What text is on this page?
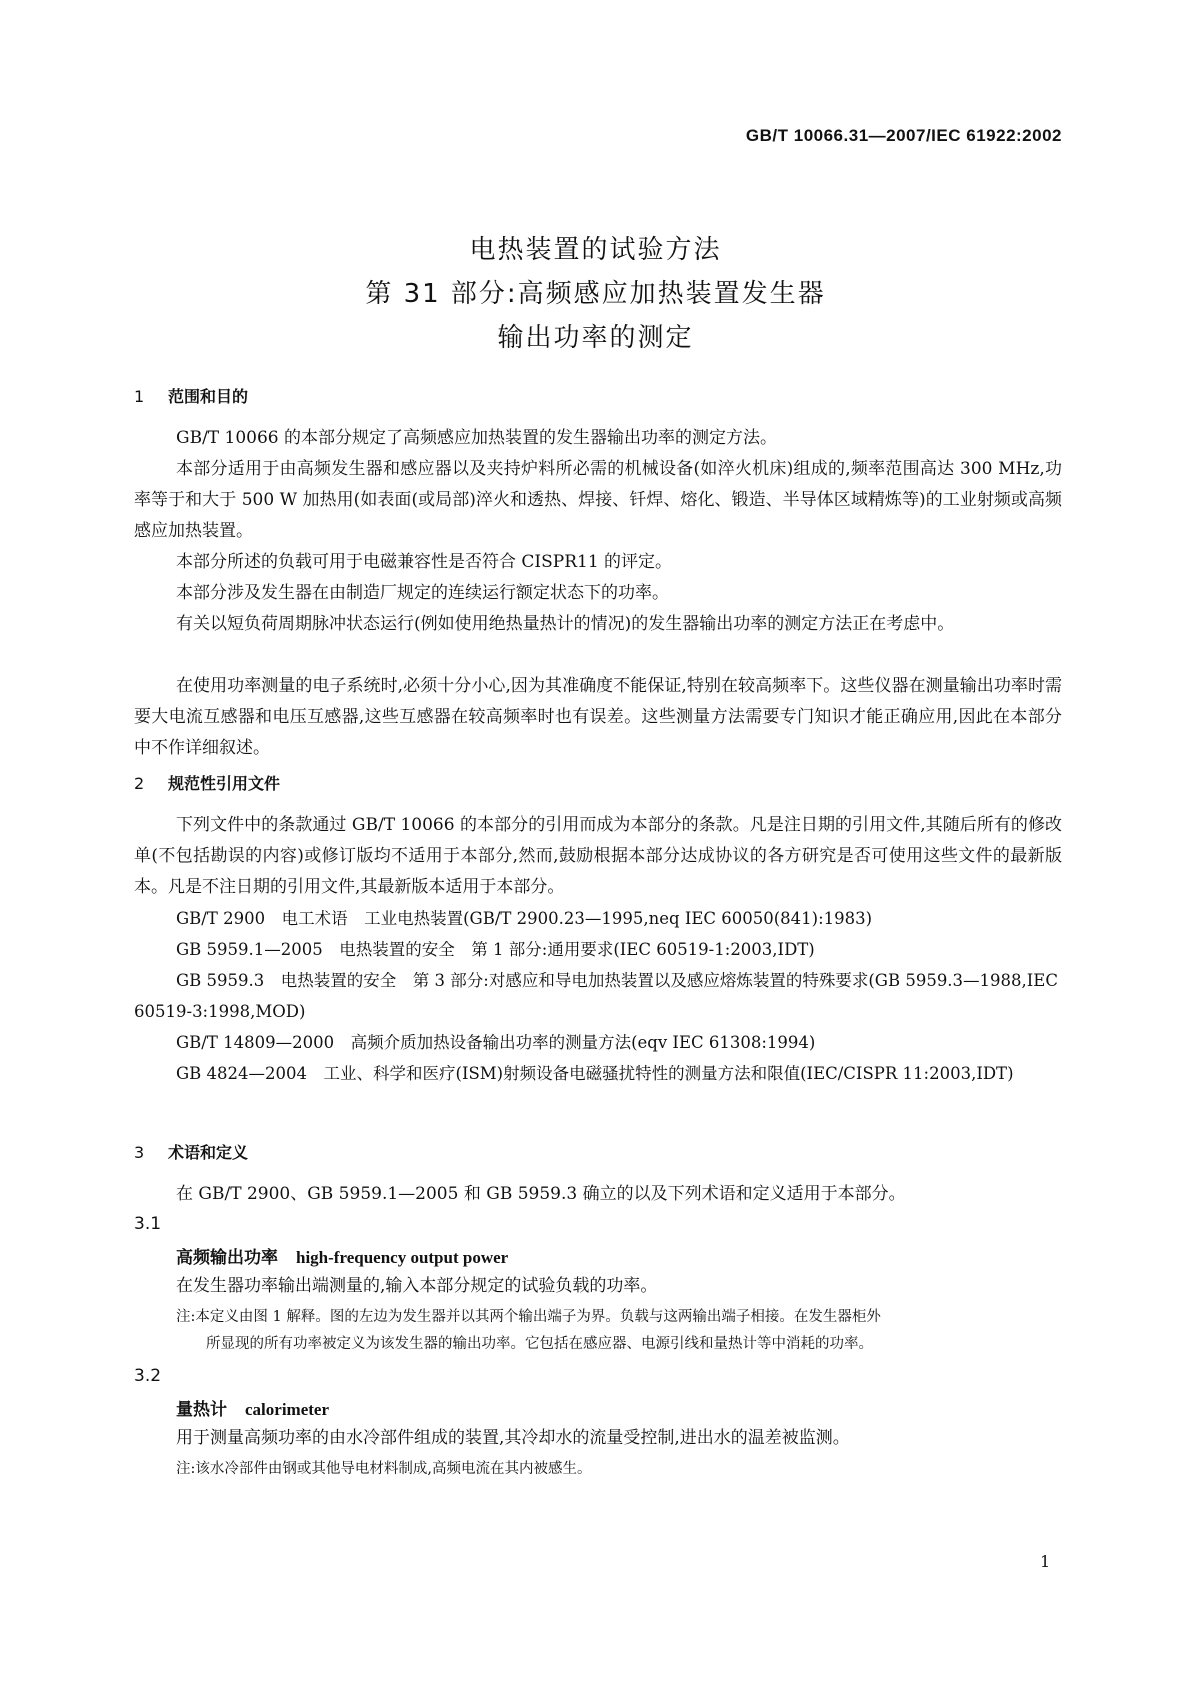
GB/T 10066.31—2007/IEC 61922:2002
电热装置的试验方法
第 31 部分:高频感应加热装置发生器
输出功率的测定
1 范围和目的
GB/T 10066 的本部分规定了高频感应加热装置的发生器输出功率的测定方法。
本部分适用于由高频发生器和感应器以及夹持炉料所必需的机械设备(如淬火机床)组成的,频率范围高达 300 MHz,功率等于和大于 500 W 加热用(如表面(或局部)淬火和透热、焊接、钎焊、熔化、锻造、半导体区域精炼等)的工业射频或高频感应加热装置。
本部分所述的负载可用于电磁兼容性是否符合 CISPR11 的评定。
本部分涉及发生器在由制造厂规定的连续运行额定状态下的功率。
有关以短负荷周期脉冲状态运行(例如使用绝热量热计的情况)的发生器输出功率的测定方法正在考虑中。
在使用功率测量的电子系统时,必须十分小心,因为其准确度不能保证,特别在较高频率下。这些仪器在测量输出功率时需要大电流互感器和电压互感器,这些互感器在较高频率时也有误差。这些测量方法需要专门知识才能正确应用,因此在本部分中不作详细叙述。
2 规范性引用文件
下列文件中的条款通过 GB/T 10066 的本部分的引用而成为本部分的条款。凡是注日期的引用文件,其随后所有的修改单(不包括勘误的内容)或修订版均不适用于本部分,然而,鼓励根据本部分达成协议的各方研究是否可使用这些文件的最新版本。凡是不注日期的引用文件,其最新版本适用于本部分。
GB/T 2900　电工术语　工业电热装置(GB/T 2900.23—1995,neq IEC 60050(841):1983)
GB 5959.1—2005　电热装置的安全　第 1 部分:通用要求(IEC 60519-1:2003,IDT)
GB 5959.3　电热装置的安全　第 3 部分:对感应和导电加热装置以及感应熔炼装置的特殊要求(GB 5959.3—1988,IEC 60519-3:1998,MOD)
GB/T 14809—2000　高频介质加热设备输出功率的测量方法(eqv IEC 61308:1994)
GB 4824—2004　工业、科学和医疗(ISM)射频设备电磁骚扰特性的测量方法和限值(IEC/CISPR 11:2003,IDT)
3 术语和定义
在 GB/T 2900、GB 5959.1—2005 和 GB 5959.3 确立的以及下列术语和定义适用于本部分。
3.1
高频输出功率 high-frequency output power
在发生器功率输出端测量的,输入本部分规定的试验负载的功率。
注:本定义由图 1 解释。图的左边为发生器并以其两个输出端子为界。负载与这两输出端子相接。在发生器柜外
所显现的所有功率被定义为该发生器的输出功率。它包括在感应器、电源引线和量热计等中消耗的功率。
3.2
量热计 calorimeter
用于测量高频功率的由水冷部件组成的装置,其冷却水的流量受控制,进出水的温差被监测。
注:该水冷部件由钢或其他导电材料制成,高频电流在其内被感生。
1
